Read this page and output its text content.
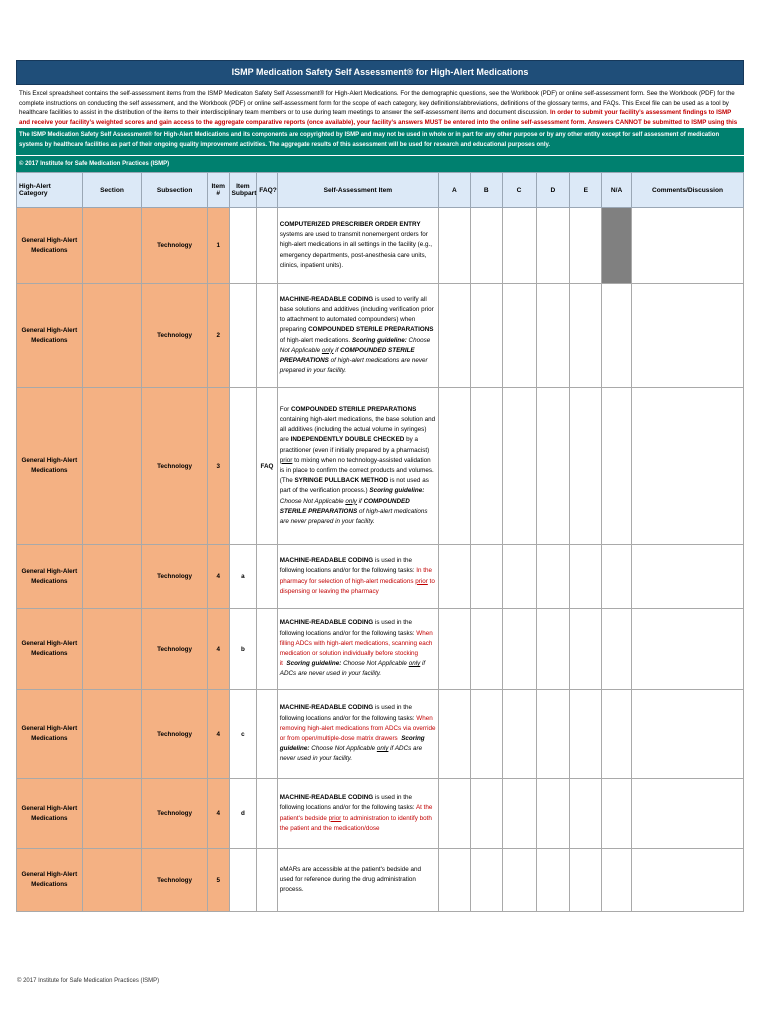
ISMP Medication Safety Self Assessment® for High-Alert Medications
This Excel spreadsheet contains the self-assessment items from the ISMP Medicaton Safety Self Assessment® for High-Alert Medications. For the demographic questions, see the Workbook (PDF) or online self-assessment form. See the Workbook (PDF) for the complete instructions on conducting the self assessment, and the Workbook (PDF) or online self-assessment form for the scope of each category, key definitions/abbreviations, definitions of the glossary terms, and FAQs. This Excel file can be used as a tool by healthcare facilities to assist in the distribution of the items to their interdisciplinary team members or to use during team meetings to answer the self-assessment items and document discussion. In order to submit your facility’s assessment findings to ISMP and receive your facility’s weighted scores and gain access to the aggregate comparative reports (once available), your facility’s answers MUST be entered into the online self-assessment form. Answers CANNOT be submitted to ISMP using this
The ISMP Medication Safety Self Assessment® for High-Alert Medications and its components are copyrighted by ISMP and may not be used in whole or in part for any other purpose or by any other entity except for self assessment of medication systems by healthcare facilities as part of their ongoing quality improvement activities. The aggregate results of this assessment will be used for research and educational purposes only.
© 2017 Institute for Safe Medication Practices (ISMP)
High-Alert Category	Section	Subsection	Item #	Item Subpart	FAQ?	Self-Assessment Item	A	B	C	D	E	N/A	Comments/Discussion
General High-Alert Medications		Technology	1			COMPUTERIZED PRESCRIBER ORDER ENTRY systems are used to transmit nonemergent orders for high-alert medications in all settings in the facility (e.g., emergency departments, post-anesthesia care units, clinics, inpatient units).							
General High-Alert Medications		Technology	2			MACHINE-READABLE CODING is used to verify all base solutions and additives (including verification prior to attachment to automated compounders) when preparing COMPOUNDED STERILE PREPARATIONS of high-alert medications. Scoring guideline: Choose Not Applicable only if COMPOUNDED STERILE PREPARATIONS of high-alert medications are never prepared in your facility.							
General High-Alert Medications		Technology	3		FAQ	For COMPOUNDED STERILE PREPARATIONS containing high-alert medications, the base solution and all additives (including the actual volume in syringes) are INDEPENDENTLY DOUBLE CHECKED by a practitioner (even if initially prepared by a pharmacist) prior to mixing when no technology-assisted validation is in place to confirm the correct products and volumes. (The SYRINGE PULLBACK METHOD is not used as part of the verification process.) Scoring guideline: Choose Not Applicable only if COMPOUNDED STERILE PREPARATIONS of high-alert medications are never prepared in your facility.							
General High-Alert Medications		Technology	4	a		MACHINE-READABLE CODING is used in the following locations and/or for the following tasks: In the pharmacy for selection of high-alert medications prior to dispensing or leaving the pharmacy							
General High-Alert Medications		Technology	4	b		MACHINE-READABLE CODING is used in the following locations and/or for the following tasks: When filling ADCs with high-alert medications, scanning each medication or solution individually before stocking it Scoring guideline: Choose Not Applicable only if ADCs are never used in your facility.							
General High-Alert Medications		Technology	4	c		MACHINE-READABLE CODING is used in the following locations and/or for the following tasks: When removing high-alert medications from ADCs via override or from open/multiple-dose matrix drawers Scoring guideline: Choose Not Applicable only if ADCs are never used in your facility.							
General High-Alert Medications		Technology	4	d		MACHINE-READABLE CODING is used in the following locations and/or for the following tasks: At the patient's bedside prior to administration to identify both the patient and the medication/dose							
General High-Alert Medications		Technology	5			eMARs are accessible at the patient's bedside and used for reference during the drug administration process.							
© 2017 Institute for Safe Medication Practices (ISMP)
